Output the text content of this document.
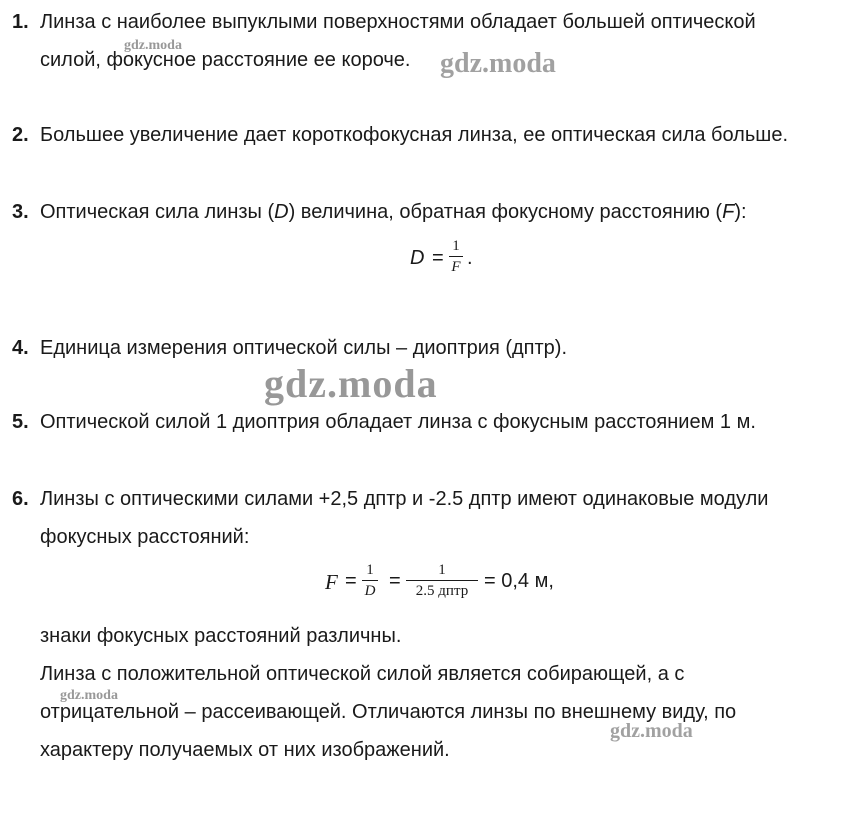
1. Линза с наиболее выпуклыми поверхностями обладает большей оптической
силой, фокусное расстояние ее короче.
2. Большее увеличение дает короткофокусная линза, ее оптическая сила больше.
3. Оптическая сила линзы (D) величина, обратная фокусному расстоянию (F):
D =
1
F .
4. Единица измерения оптической силы – диоптрия (дптр).
5. Оптической силой 1 диоптрия обладает линза с фокусным расстоянием 1 м.
6. Линзы с оптическими силами +2,5 дптр и -2.5 дптр имеют одинаковые модули
фокусных расстояний:
F = 1
D =	1
2.5 дптр = 0,4 м,
знаки фокусных расстояний различны.
Линза с положительной оптической силой является собирающей, а с
отрицательной – рассеивающей. Отличаются линзы по внешнему виду, по
характеру получаемых от них изображений.
gdz.moda
gdz.moda
gdz.moda
gdz.moda
gdz.moda
